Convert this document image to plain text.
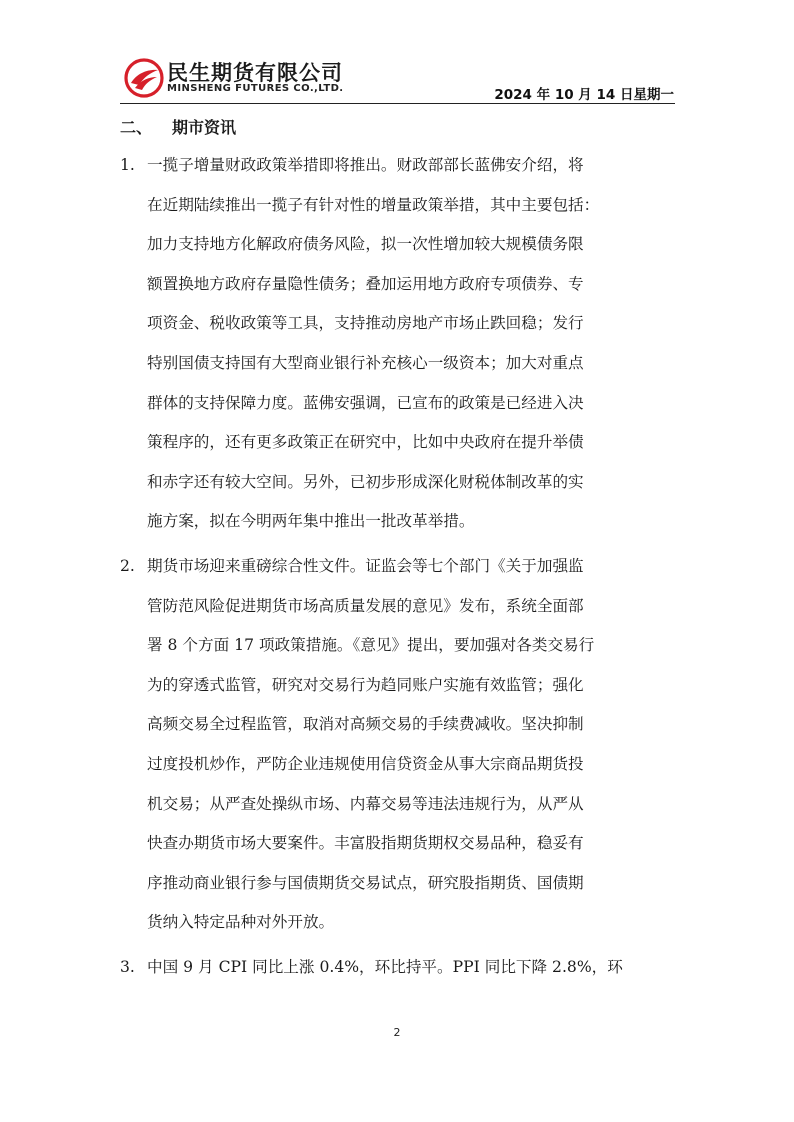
民生期货有限公司
MINSHENG FUTURES CO.,LTD.	2024 年 10 月 14 日星期一
二、 期市资讯
1. 一揽子增量财政政策举措即将推出。财政部部长蓝佛安介绍，将
在近期陆续推出一揽子有针对性的增量政策举措，其中主要包括：
加力支持地方化解政府债务风险，拟一次性增加较大规模债务限
额置换地方政府存量隐性债务；叠加运用地方政府专项债券、专
项资金、税收政策等工具，支持推动房地产市场止跌回稳；发行
特别国债支持国有大型商业银行补充核心一级资本；加大对重点
群体的支持保障力度。蓝佛安强调，已宣布的政策是已经进入决
策程序的，还有更多政策正在研究中，比如中央政府在提升举债
和赤字还有较大空间。另外，已初步形成深化财税体制改革的实
施方案，拟在今明两年集中推出一批改革举措。
2. 期货市场迎来重磅综合性文件。证监会等七个部门《关于加强监
管防范风险促进期货市场高质量发展的意见》发布，系统全面部
署 8 个方面 17 项政策措施。《意见》提出，要加强对各类交易行
为的穿透式监管，研究对交易行为趋同账户实施有效监管；强化
高频交易全过程监管，取消对高频交易的手续费减收。坚决抑制
过度投机炒作，严防企业违规使用信贷资金从事大宗商品期货投
机交易；从严查处操纵市场、内幕交易等违法违规行为，从严从
快查办期货市场大要案件。丰富股指期货期权交易品种，稳妥有
序推动商业银行参与国债期货交易试点，研究股指期货、国债期
货纳入特定品种对外开放。
3. 中国 9 月 CPI 同比上涨 0.4%，环比持平。PPI 同比下降 2.8%，环
2
